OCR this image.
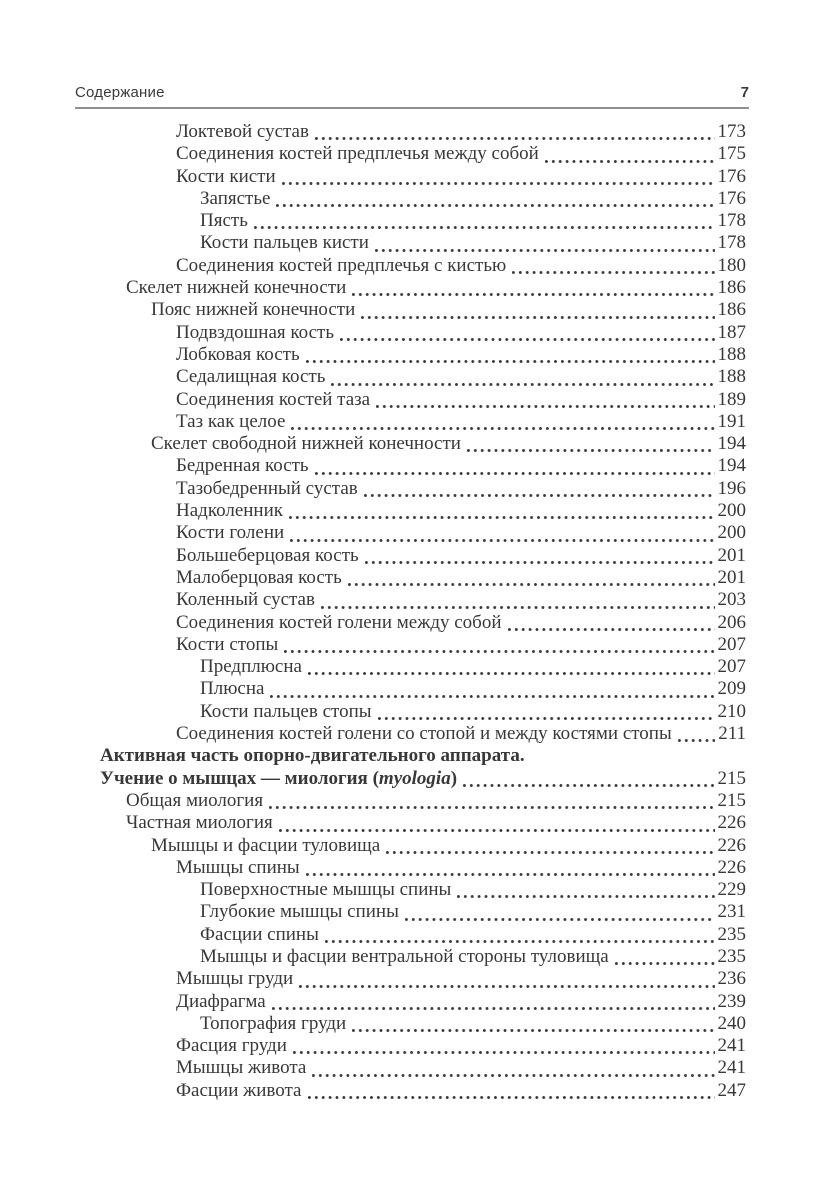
Содержание	7
Локтевой сустав	173
Соединения костей предплечья между собой	175
Кости кисти	176
Запястье	176
Пясть	178
Кости пальцев кисти	178
Соединения костей предплечья с кистью	180
Скелет нижней конечности	186
Пояс нижней конечности	186
Подвздошная кость	187
Лобковая кость	188
Седалищная кость	188
Соединения костей таза	189
Таз как целое	191
Скелет свободной нижней конечности	194
Бедренная кость	194
Тазобедренный сустав	196
Надколенник	200
Кости голени	200
Большеберцовая кость	201
Малоберцовая кость	201
Коленный сустав	203
Соединения костей голени между собой	206
Кости стопы	207
Предплюсна	207
Плюсна	209
Кости пальцев стопы	210
Соединения костей голени со стопой и между костями стопы 211
Активная часть опорно-двигательного аппарата.
Учение о мышцах — миология (myologia)	215
Общая миология	215
Частная миология	226
Мышцы и фасции туловища	226
Мышцы спины	226
Поверхностные мышцы спины	229
Глубокие мышцы спины	231
Фасции спины	235
Мышцы и фасции вентральной стороны туловища	235
Мышцы груди	236
Диафрагма	239
Топография груди	240
Фасция груди	241
Мышцы живота	241
Фасции живота	247
